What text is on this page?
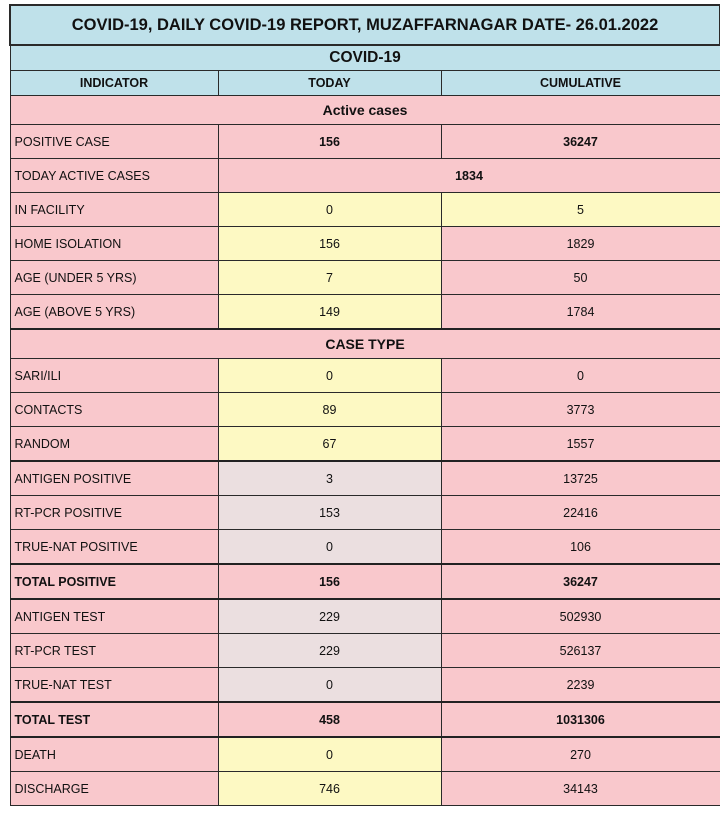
COVID-19, DAILY COVID-19 REPORT, MUZAFFARNAGAR DATE- 26.01.2022		
COVID-19		
INDICATOR	TODAY	CUMULATIVE
Active cases		
POSITIVE CASE	156	36247
TODAY ACTIVE CASES	1834	
IN FACILITY	0	5
HOME ISOLATION	156	1829
AGE (UNDER 5 YRS)	7	50
AGE (ABOVE 5 YRS)	149	1784
CASE TYPE		
SARI/ILI	0	0
CONTACTS	89	3773
RANDOM	67	1557
ANTIGEN POSITIVE	3	13725
RT-PCR POSITIVE	153	22416
TRUE-NAT POSITIVE	0	106
TOTAL POSITIVE	156	36247
ANTIGEN TEST	229	502930
RT-PCR TEST	229	526137
TRUE-NAT TEST	0	2239
TOTAL TEST	458	1031306
DEATH	0	270
DISCHARGE	746	34143
